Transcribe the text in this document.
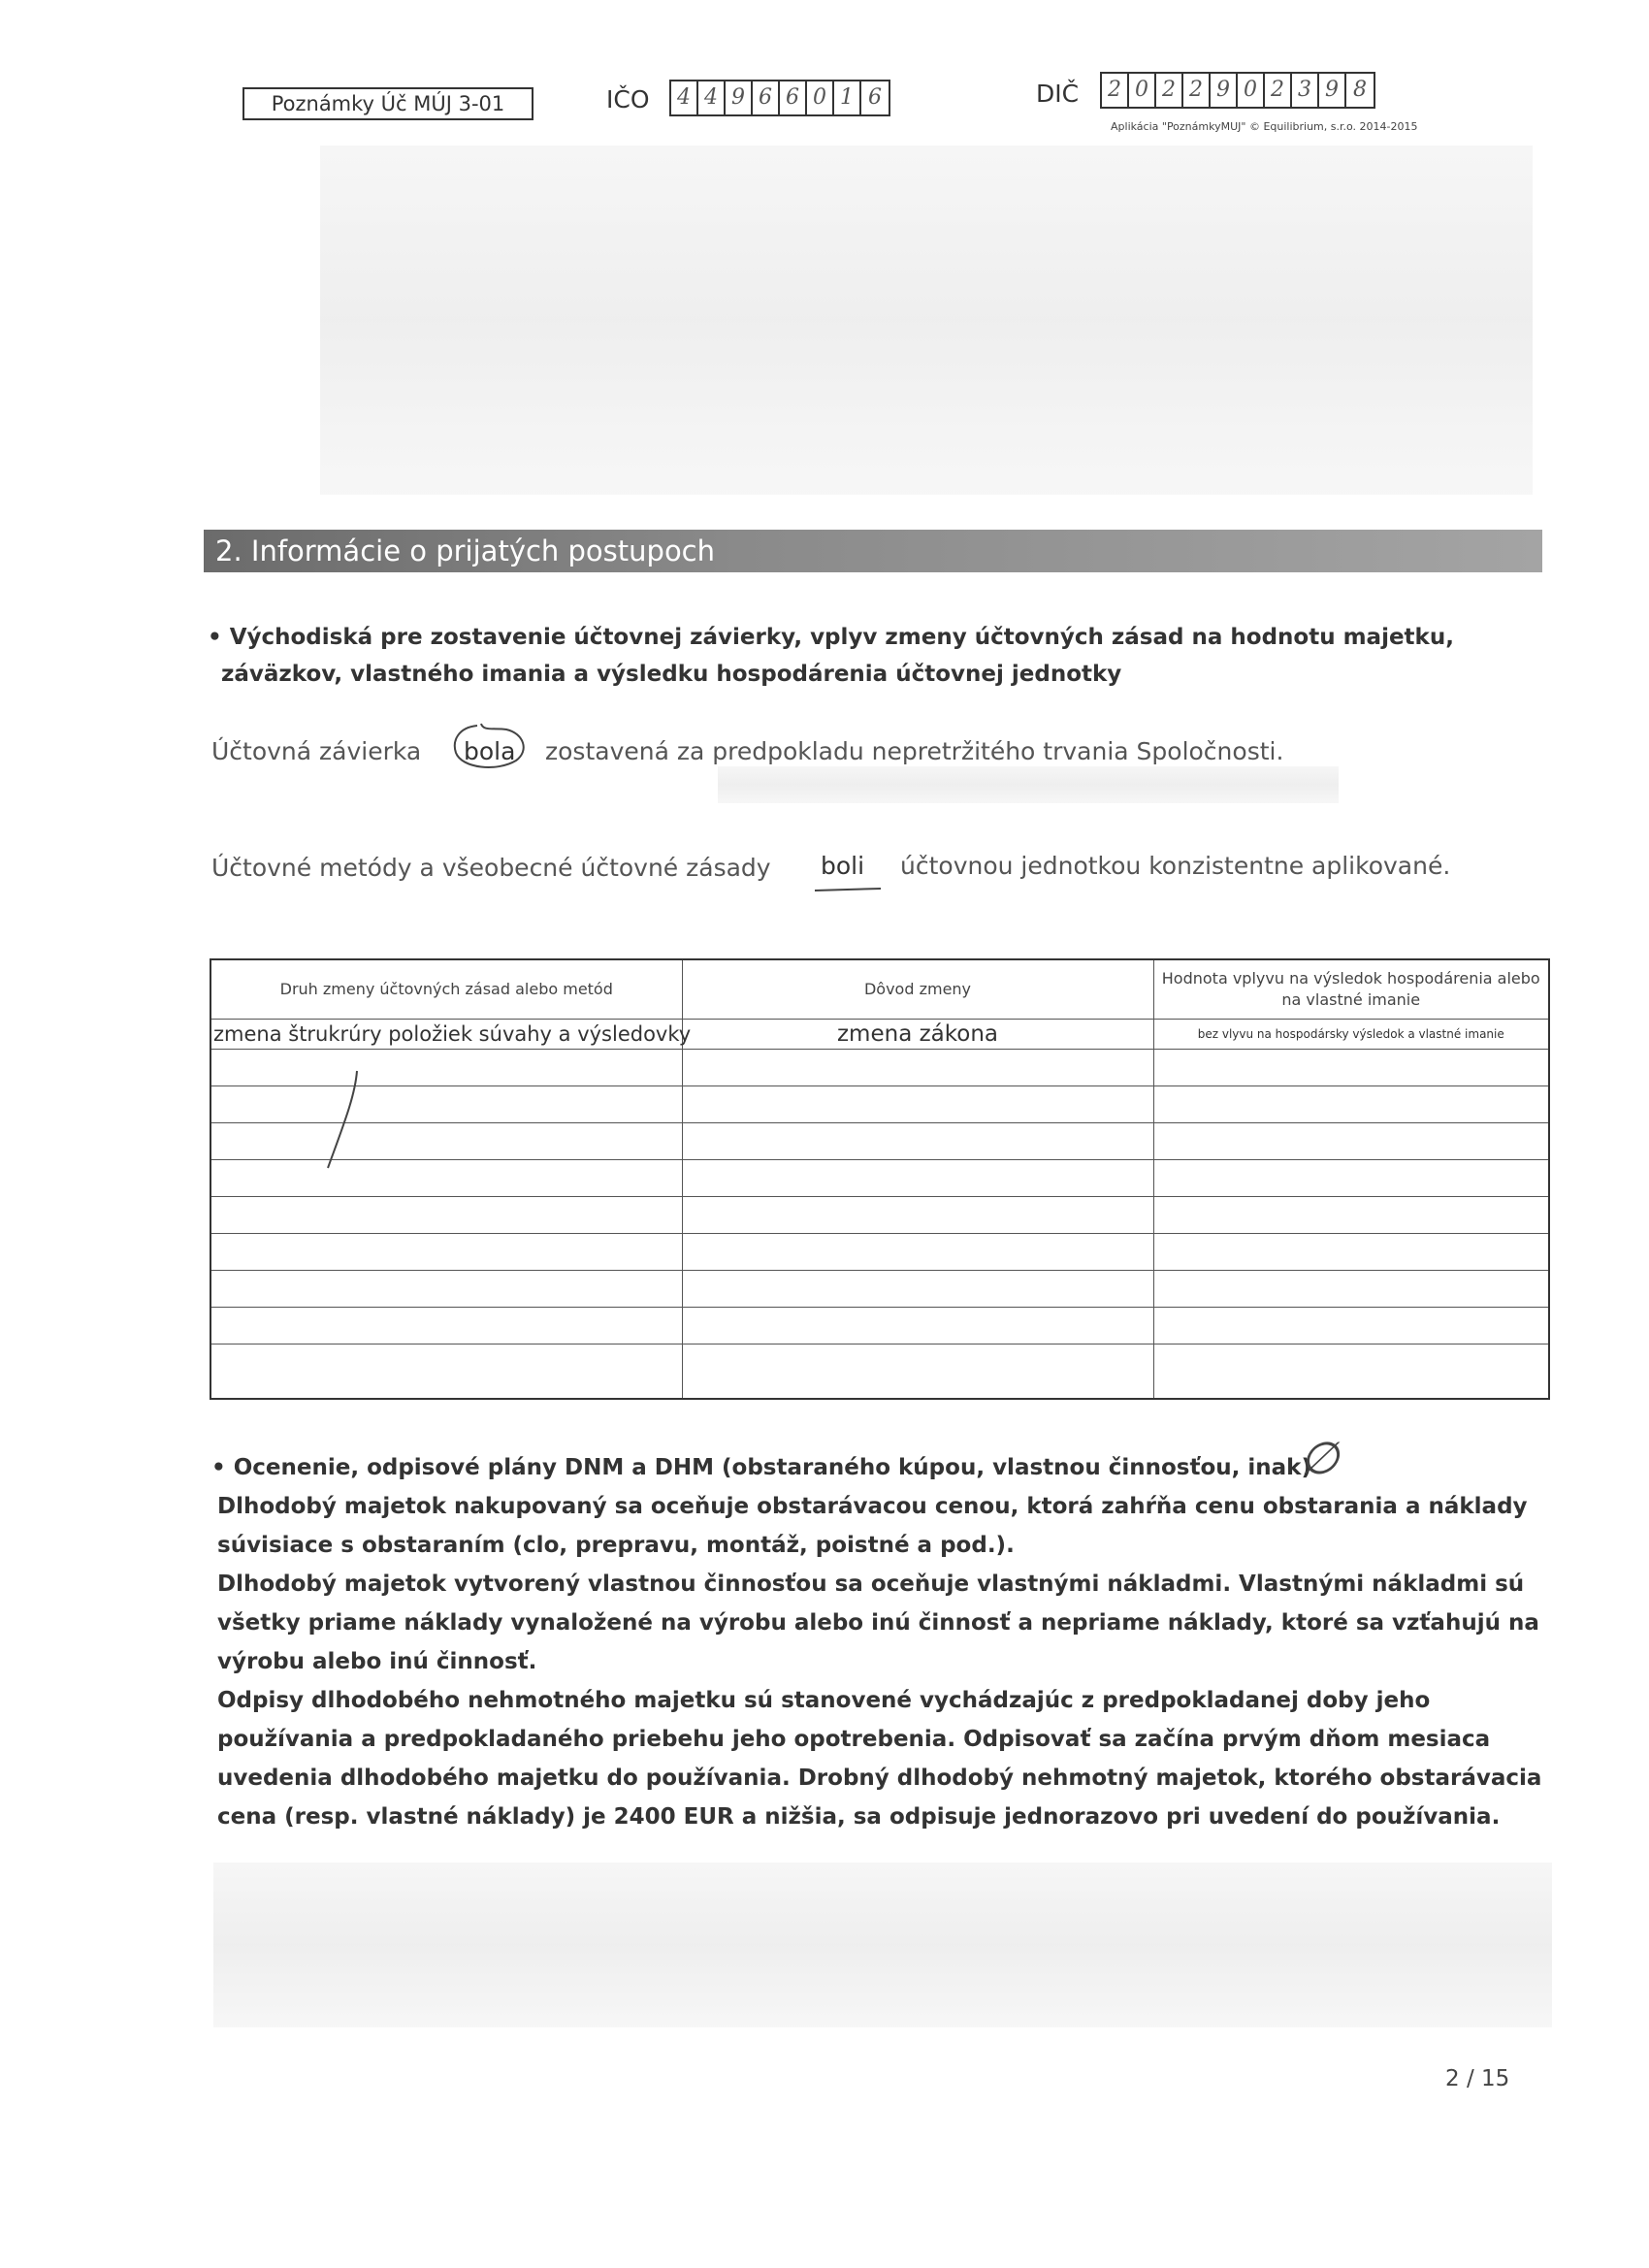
Poznámky Úč MÚJ 3-01	IČO 4 4 9 6 6 0 1 6	DIČ 2 0 2 2 9 0 2 3 9 8
Aplikácia "PoznámkyMUJ" © Equilibrium, s.r.o. 2014-2015
2. Informácie o prijatých postupoch
• Východiská pre zostavenie účtovnej závierky, vplyv zmeny účtovných zásad na hodnotu majetku,
záväzkov, vlastného imania a výsledku hospodárenia účtovnej jednotky
Účtovná závierka bola zostavená za predpokladu nepretržitého trvania Spoločnosti.
Účtovné metódy a všeobecné účtovné zásady boli účtovnou jednotkou konzistentne aplikované.
Druh zmeny účtovných zásad alebo metód	Dôvod zmeny	Hodnota vplyvu na výsledok hospodárenia alebo na vlastné imanie
zmena štrukrúry položiek súvahy a výsledovky	zmena zákona	bez vlyvu na hospodársky výsledok a vlastné imanie

• Ocenenie, odpisové plány DNM a DHM (obstaraného kúpou, vlastnou činnosťou, inak)
∅
Dlhodobý majetok nakupovaný sa oceňuje obstarávacou cenou, ktorá zahŕňa cenu obstarania a náklady
súvisiace s obstaraním (clo, prepravu, montáž, poistné a pod.).
Dlhodobý majetok vytvorený vlastnou činnosťou sa oceňuje vlastnými nákladmi. Vlastnými nákladmi sú
všetky priame náklady vynaložené na výrobu alebo inú činnosť a nepriame náklady, ktoré sa vzťahujú na
výrobu alebo inú činnosť.
Odpisy dlhodobého nehmotného majetku sú stanovené vychádzajúc z predpokladanej doby jeho
používania a predpokladaného priebehu jeho opotrebenia. Odpisovať sa začína prvým dňom mesiaca
uvedenia dlhodobého majetku do používania. Drobný dlhodobý nehmotný majetok, ktorého obstarávacia
cena (resp. vlastné náklady) je 2400 EUR a nižšia, sa odpisuje jednorazovo pri uvedení do používania.
2 / 15
